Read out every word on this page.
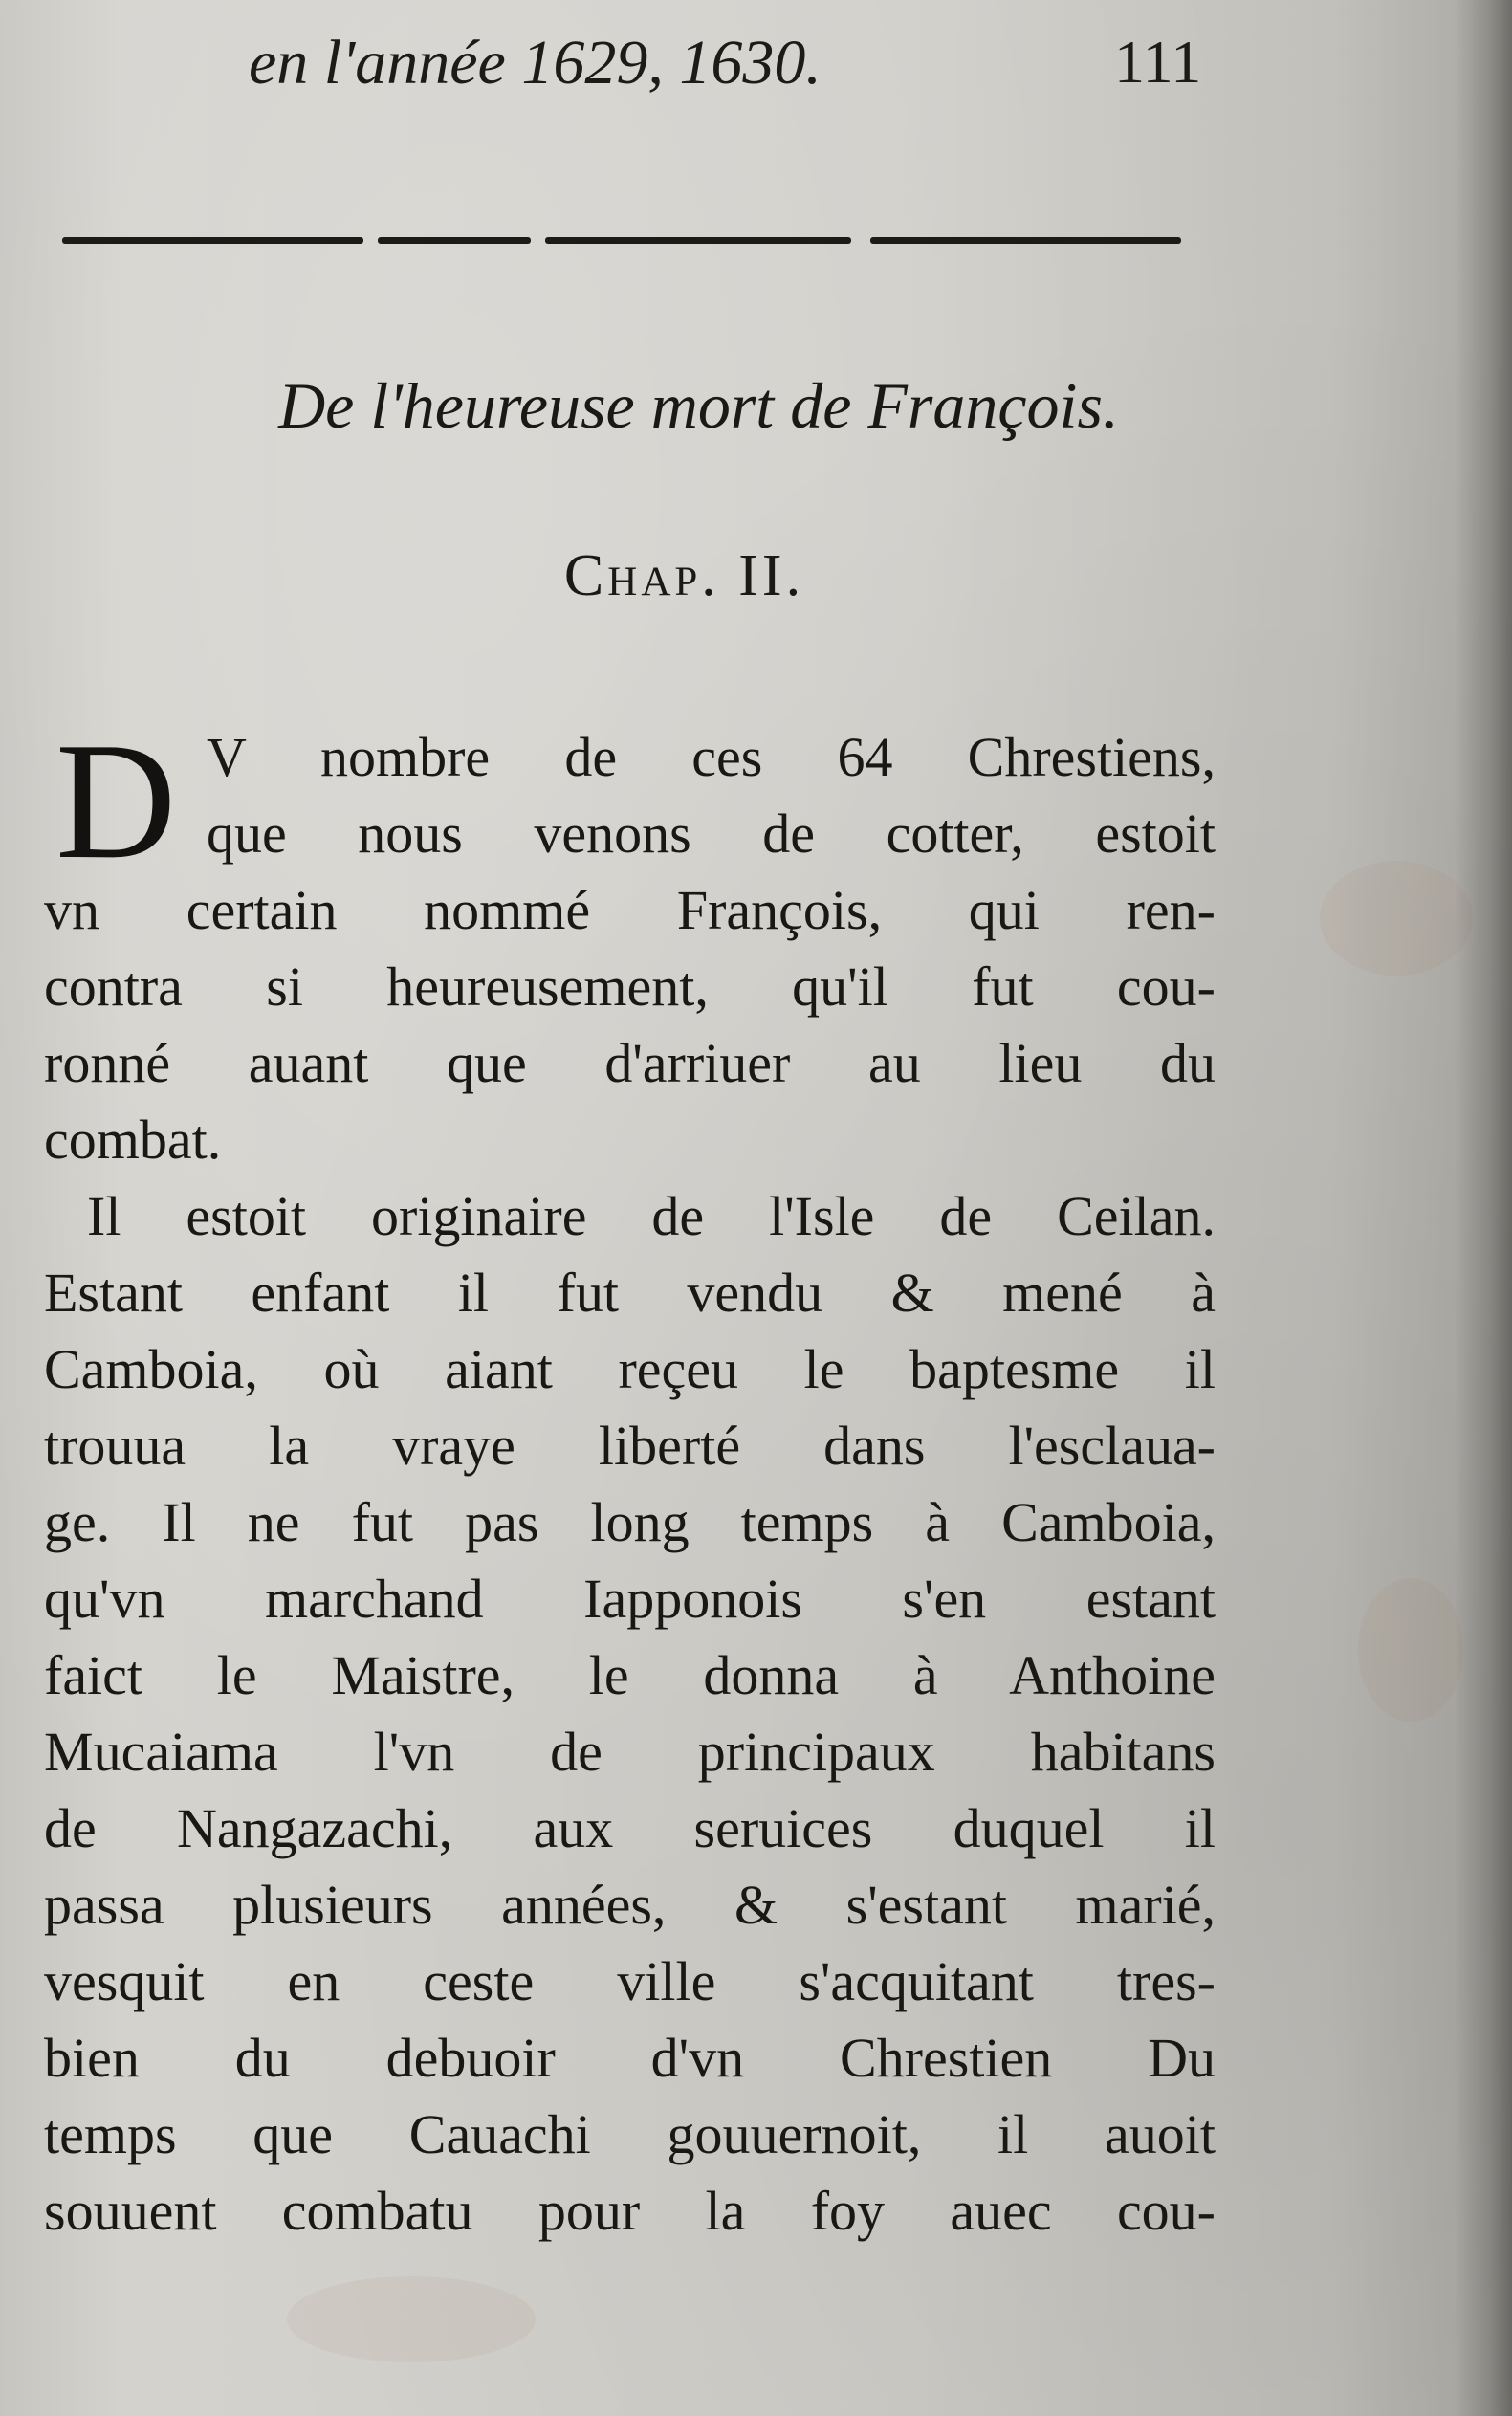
en l'année 1629, 1630.	111
De l'heureuse mort de François.
Chap. II.
D V nombre de ces 64 Chrestiens,
que nous venons de cotter, estoit
vn certain nommé François, qui ren-
contra si heureusement, qu'il fut cou-
ronné auant que d'arriuer au lieu du
combat.
Il estoit originaire de l'Isle de Ceilan.
Estant enfant il fut vendu & mené à
Camboia, où aiant reçeu le baptesme il
trouua la vraye liberté dans l'esclaua-
ge. Il ne fut pas long temps à Camboia,
qu'vn marchand Iapponois s'en estant
faict le Maistre, le donna à Anthoine
Mucaiama l'vn de principaux habitans
de Nangazachi, aux seruices duquel il
passa plusieurs années, & s'estant marié,
vesquit en ceste ville s'acquitant tres-
bien du debuoir d'vn Chrestien Du
temps que Cauachi gouuernoit, il auoit
souuent combatu pour la foy auec cou-
